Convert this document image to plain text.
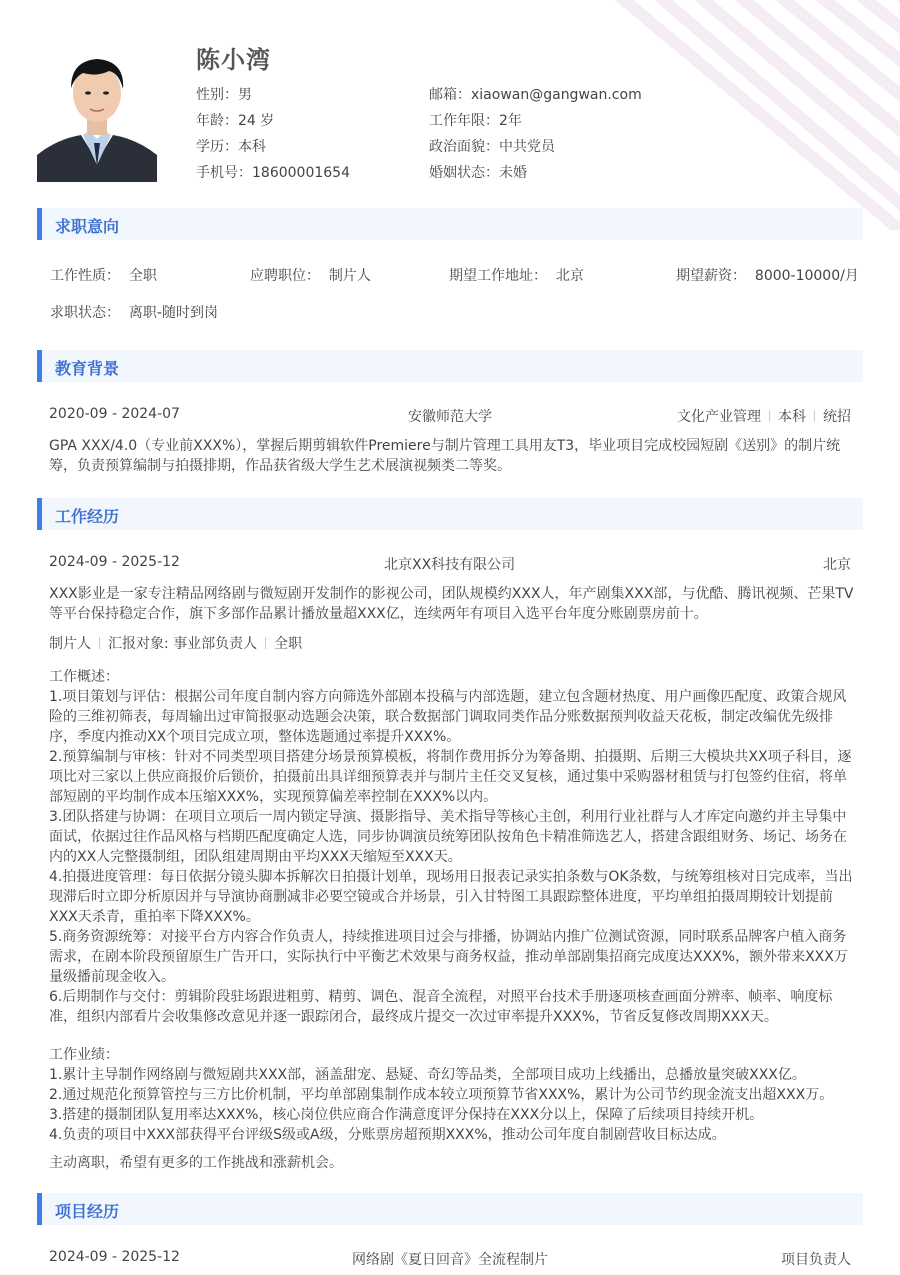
陈小湾
性别：男	邮箱：xiaowan@gangwan.com
年龄：24 岁	工作年限：2年
学历：本科	政治面貌：中共党员
手机号：18600001654	婚姻状态：未婚
求职意向
工作性质： 全职	应聘职位： 制片人	期望工作地址： 北京	期望薪资： 8000-10000/月
求职状态： 离职-随时到岗
教育背景
2020-09 - 2024-07	安徽师范大学	文化产业管理 本科 统招
GPA XXX/4.0（专业前XXX%），掌握后期剪辑软件Premiere与制片管理工具用友T3，毕业项目完成校园短剧《送别》的制片统筹，负责预算编制与拍摄排期，作品获省级大学生艺术展演视频类二等奖。
工作经历
2024-09 - 2025-12	北京XX科技有限公司	北京
XXX影业是一家专注精品网络剧与微短剧开发制作的影视公司，团队规模约XXX人，年产剧集XXX部，与优酷、腾讯视频、芒果TV等平台保持稳定合作，旗下多部作品累计播放量超XXX亿，连续两年有项目入选平台年度分账剧票房前十。
制片人 汇报对象: 事业部负责人 全职
工作概述：
1.项目策划与评估：根据公司年度自制内容方向筛选外部剧本投稿与内部选题，建立包含题材热度、用户画像匹配度、政策合规风险的三维初筛表，每周输出过审简报驱动选题会决策，联合数据部门调取同类作品分账数据预判收益天花板，制定改编优先级排序，季度内推动XX个项目完成立项，整体选题通过率提升XXX%。
2.预算编制与审核：针对不同类型项目搭建分场景预算模板，将制作费用拆分为筹备期、拍摄期、后期三大模块共XX项子科目，逐项比对三家以上供应商报价后锁价，拍摄前出具详细预算表并与制片主任交叉复核，通过集中采购器材租赁与打包签约住宿，将单部短剧的平均制作成本压缩XXX%，实现预算偏差率控制在XXX%以内。
3.团队搭建与协调：在项目立项后一周内锁定导演、摄影指导、美术指导等核心主创，利用行业社群与人才库定向邀约并主导集中面试，依据过往作品风格与档期匹配度确定人选，同步协调演员统筹团队按角色卡精准筛选艺人，搭建含跟组财务、场记、场务在内的XX人完整摄制组，团队组建周期由平均XXX天缩短至XXX天。
4.拍摄进度管理：每日依据分镜头脚本拆解次日拍摄计划单，现场用日报表记录实拍条数与OK条数，与统筹组核对日完成率，当出现滞后时立即分析原因并与导演协商删减非必要空镜或合并场景，引入甘特图工具跟踪整体进度，平均单组拍摄周期较计划提前XXX天杀青，重拍率下降XXX%。
5.商务资源统筹：对接平台方内容合作负责人，持续推进项目过会与排播，协调站内推广位测试资源，同时联系品牌客户植入商务需求，在剧本阶段预留原生广告开口，实际执行中平衡艺术效果与商务权益，推动单部剧集招商完成度达XXX%，额外带来XXX万量级播前现金收入。
6.后期制作与交付：剪辑阶段驻场跟进粗剪、精剪、调色、混音全流程，对照平台技术手册逐项核查画面分辨率、帧率、响度标准，组织内部看片会收集修改意见并逐一跟踪闭合，最终成片提交一次过审率提升XXX%，节省反复修改周期XXX天。
工作业绩：
1.累计主导制作网络剧与微短剧共XXX部，涵盖甜宠、悬疑、奇幻等品类，全部项目成功上线播出，总播放量突破XXX亿。
2.通过规范化预算管控与三方比价机制，平均单部剧集制作成本较立项预算节省XXX%，累计为公司节约现金流支出超XXX万。
3.搭建的摄制团队复用率达XXX%，核心岗位供应商合作满意度评分保持在XXX分以上，保障了后续项目持续开机。
4.负责的项目中XXX部获得平台评级S级或A级，分账票房超预期XXX%，推动公司年度自制剧营收目标达成。
主动离职，希望有更多的工作挑战和涨薪机会。
项目经历
2024-09 - 2025-12	网络剧《夏日回音》全流程制片	项目负责人
